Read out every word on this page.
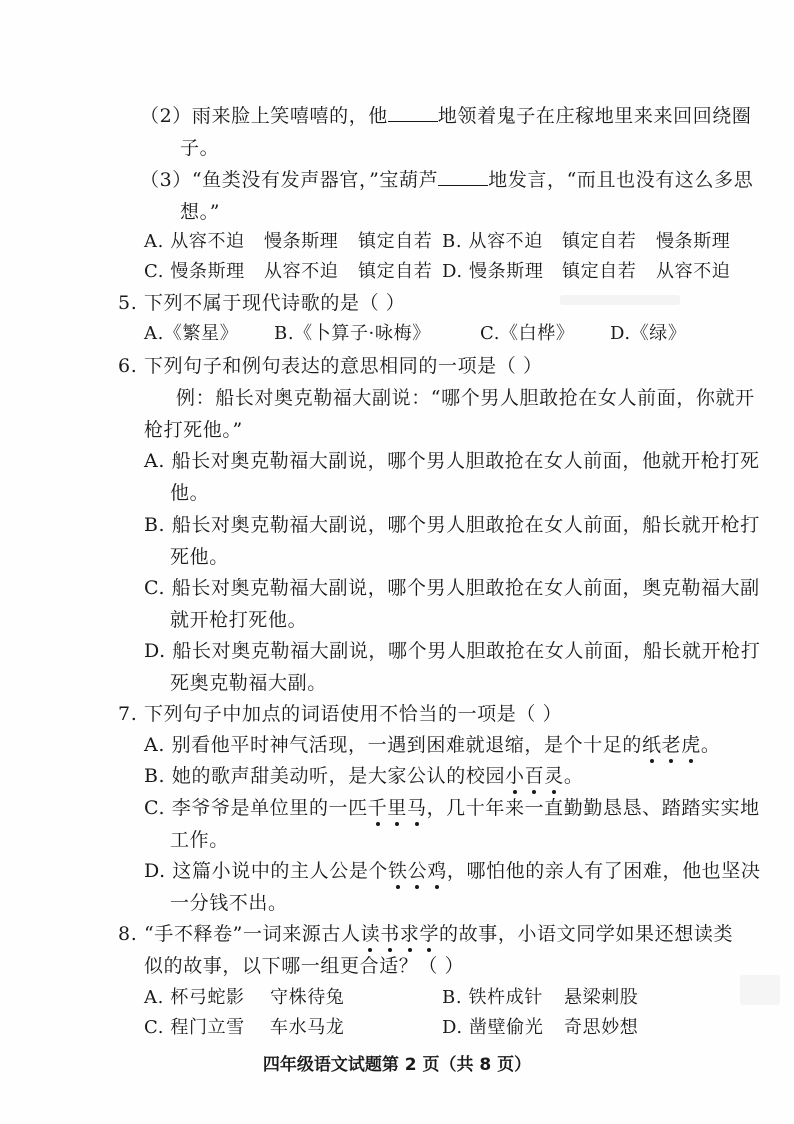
（2）雨来脸上笑嘻嘻的，他	地领着鬼子在庄稼地里来来回回绕圈
子。
（3）“鱼类没有发声器官，”宝葫芦	地发言，“而且也没有这么多思
想。”
A. 从容不迫 慢条斯理 镇定自若 B. 从容不迫 镇定自若 慢条斯理
C. 慢条斯理 从容不迫 镇定自若 D. 慢条斯理 镇定自若 从容不迫
5. 下列不属于现代诗歌的是（ ）
A.《繁星》 B.《卜算子·咏梅》	C.《白桦》 D.《绿》
6. 下列句子和例句表达的意思相同的一项是（ ）
例：船长对奥克勒福大副说：“哪个男人胆敢抢在女人前面，你就开
枪打死他。”
A. 船长对奥克勒福大副说，哪个男人胆敢抢在女人前面，他就开枪打死
他。
B. 船长对奥克勒福大副说，哪个男人胆敢抢在女人前面，船长就开枪打
死他。
C. 船长对奥克勒福大副说，哪个男人胆敢抢在女人前面，奥克勒福大副
就开枪打死他。
D. 船长对奥克勒福大副说，哪个男人胆敢抢在女人前面，船长就开枪打
死奥克勒福大副。
7. 下列句子中加点的词语使用不恰当的一项是（ ）
A. 别看他平时神气活现，一遇到困难就退缩，是个十足的纸老虎。
B. 她的歌声甜美动听，是大家公认的校园小百灵。
C. 李爷爷是单位里的一匹千里马，几十年来一直勤勤恳恳、踏踏实实地
工作。
D. 这篇小说中的主人公是个铁公鸡，哪怕他的亲人有了困难，他也坚决
一分钱不出。
8. “手不释卷”一词来源古人读书求学的故事，小语文同学如果还想读类
似的故事，以下哪一组更合适？（ ）
A. 杯弓蛇影 守株待兔	B. 铁杵成针 悬梁刺股
C. 程门立雪 车水马龙	D. 凿壁偷光 奇思妙想
四年级语文试题第 2 页（共 8 页）
